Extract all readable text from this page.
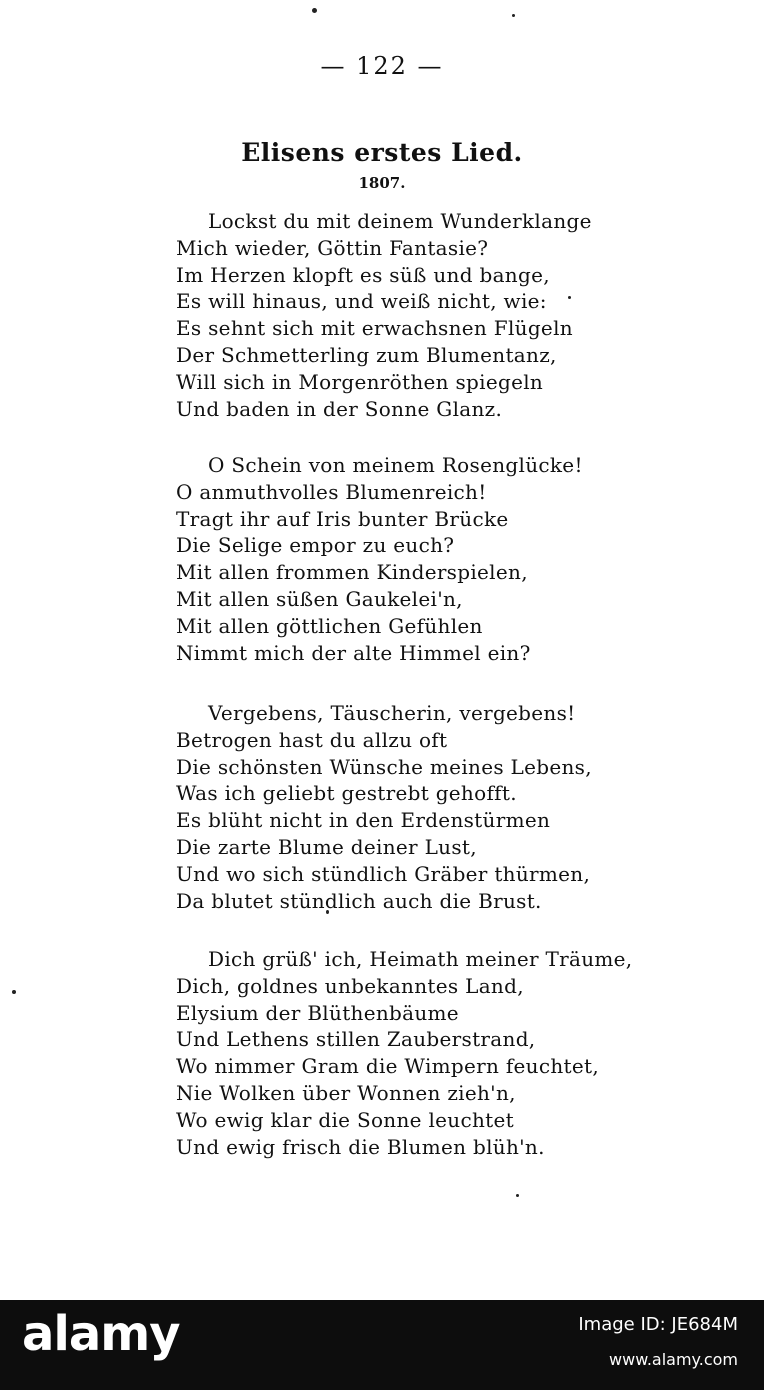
— 122 —
Elisens erstes Lied.
1807.
Lockst du mit deinem Wunderklange
Mich wieder, Göttin Fantasie?
Im Herzen klopft es süß und bange,
Es will hinaus, und weiß nicht, wie:
Es sehnt sich mit erwachsnen Flügeln
Der Schmetterling zum Blumentanz,
Will sich in Morgenröthen spiegeln
Und baden in der Sonne Glanz.
O Schein von meinem Rosenglücke!
O anmuthvolles Blumenreich!
Tragt ihr auf Iris bunter Brücke
Die Selige empor zu euch?
Mit allen frommen Kinderspielen,
Mit allen süßen Gaukelei'n,
Mit allen göttlichen Gefühlen
Nimmt mich der alte Himmel ein?
Vergebens, Täuscherin, vergebens!
Betrogen hast du allzu oft
Die schönsten Wünsche meines Lebens,
Was ich geliebt gestrebt gehofft.
Es blüht nicht in den Erdenstürmen
Die zarte Blume deiner Lust,
Und wo sich stündlich Gräber thürmen,
Da blutet stündlich auch die Brust.
Dich grüß' ich, Heimath meiner Träume,
Dich, goldnes unbekanntes Land,
Elysium der Blüthenbäume
Und Lethens stillen Zauberstrand,
Wo nimmer Gram die Wimpern feuchtet,
Nie Wolken über Wonnen zieh'n,
Wo ewig klar die Sonne leuchtet
Und ewig frisch die Blumen blüh'n.
alamy	Image ID: JE684M
www.alamy.com
